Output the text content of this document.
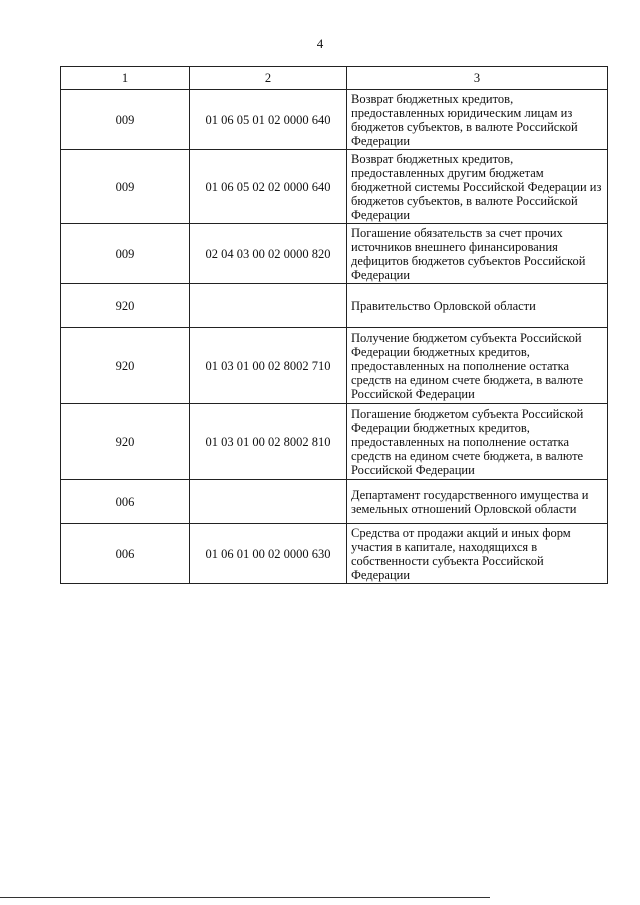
4
1	2	3
009	01 06 05 01 02 0000 640	Возврат бюджетных кредитов, предоставленных юридическим лицам из бюджетов субъектов, в валюте Российской Федерации
009	01 06 05 02 02 0000 640	Возврат бюджетных кредитов, предоставленных другим бюджетам бюджетной системы Российской Федерации из бюджетов субъектов, в валюте Российской Федерации
009	02 04 03 00 02 0000 820	Погашение обязательств за счет прочих источников внешнего финансирования дефицитов бюджетов субъектов Российской Федерации
920		Правительство Орловской области
920	01 03 01 00 02 8002 710	Получение бюджетом субъекта Российской Федерации бюджетных кредитов, предоставленных на пополнение остатка средств на едином счете бюджета, в валюте Российской Федерации
920	01 03 01 00 02 8002 810	Погашение бюджетом субъекта Российской Федерации бюджетных кредитов, предоставленных на пополнение остатка средств на едином счете бюджета, в валюте Российской Федерации
006		Департамент государственного имущества и земельных отношений Орловской области
006	01 06 01 00 02 0000 630	Средства от продажи акций и иных форм участия в капитале, находящихся в собственности субъекта Российской Федерации
